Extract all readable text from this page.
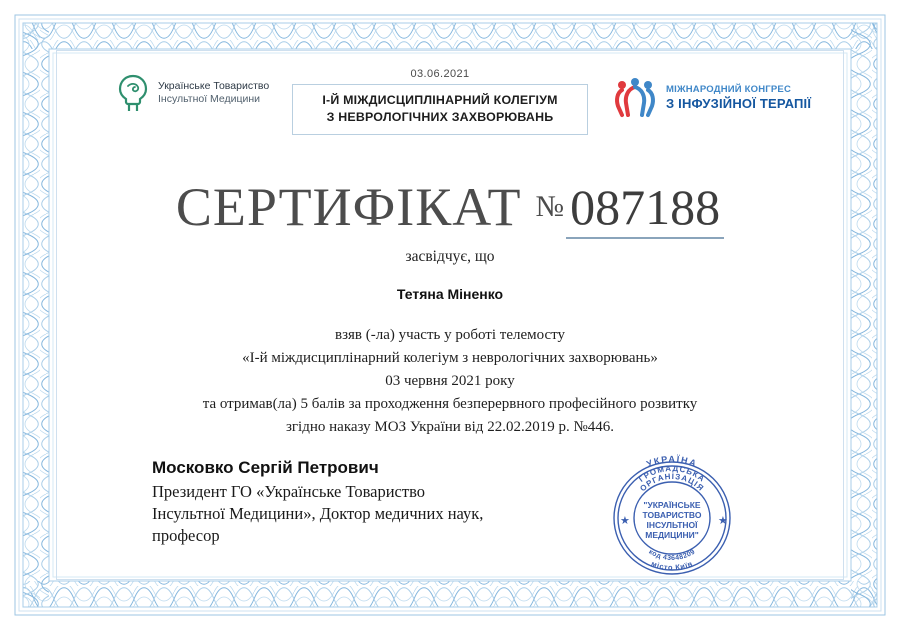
Українське Товариство
Інсультної Медицини
03.06.2021
І-Й МІЖДИСЦИПЛІНАРНИЙ КОЛЕГІУМ
З НЕВРОЛОГІЧНИХ ЗАХВОРЮВАНЬ
МІЖНАРОДНИЙ КОНГРЕС
З ІНФУЗІЙНОЇ ТЕРАПІЇ
СЕРТИФІКАТ № 087188
засвідчує, що
Тетяна Міненко
взяв (-ла) участь у роботі телемосту
«І-й міждисциплінарний колегіум з неврологічних захворювань»
03 червня 2021 року
та отримав(ла) 5 балів за проходження безперервного професійного розвитку
згідно наказу МОЗ України від 22.02.2019 р. №446.
Московко Сергій Петрович
Президент ГО «Українське Товариство
Інсультної Медицини», Доктор медичних наук,
професор
УКРАЇНА
ГРОМАДСЬКА
ОРГАНІЗАЦІЯ
місто Київ
код 43648209
"УКРАЇНСЬКЕ
ТОВАРИСТВО
ІНСУЛЬТНОЇ
МЕДИЦИНИ"
★	★
